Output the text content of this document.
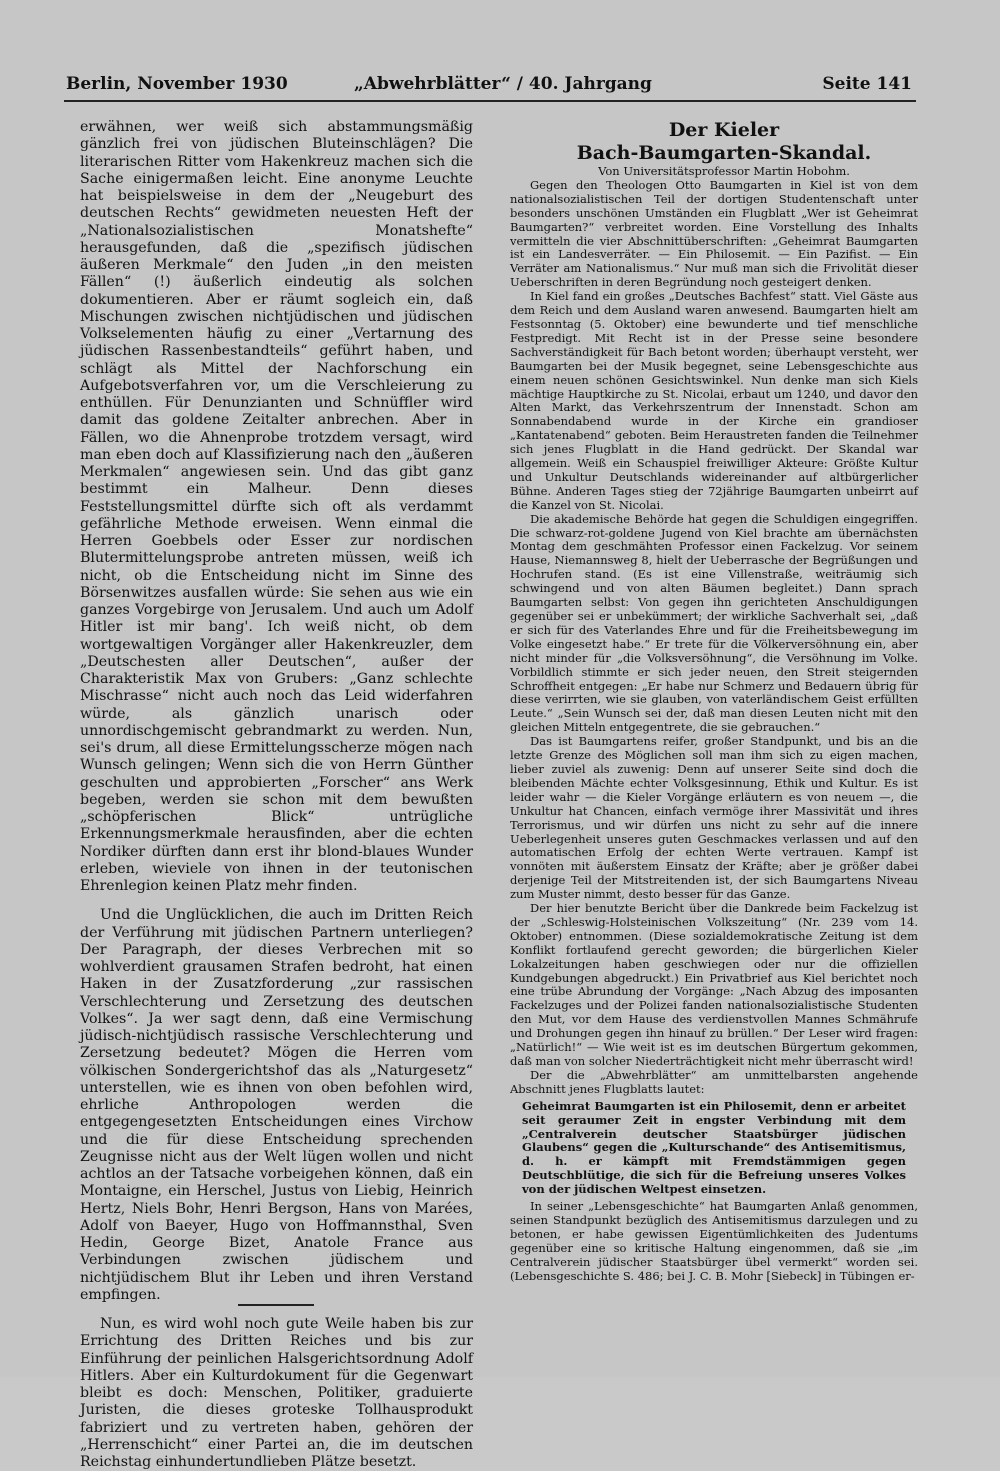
Berlin, November 1930	„Abwehrblätter“ / 40. Jahrgang	Seite 141

erwähnen, wer weiß sich abstammungsmäßig gänzlich frei von jüdischen Bluteinschlägen? Die literarischen Ritter vom Hakenkreuz machen sich die Sache einigermaßen leicht. Eine anonyme Leuchte hat beispielsweise in dem der „Neugeburt des deutschen Rechts“ gewidmeten neuesten Heft der „Nationalsozialistischen Monatshefte“ herausgefunden, daß die „spezifisch jüdischen äußeren Merkmale“ den Juden „in den meisten Fällen“ (!) äußerlich eindeutig als solchen dokumentieren. Aber er räumt sogleich ein, daß Mischungen zwischen nichtjüdischen und jüdischen Volkselementen häufig zu einer „Vertarnung des jüdischen Rassenbestandteils“ geführt haben, und schlägt als Mittel der Nachforschung ein Aufgebotsverfahren vor, um die Verschleierung zu enthüllen. Für Denunzianten und Schnüffler wird damit das goldene Zeitalter anbrechen. Aber in Fällen, wo die Ahnenprobe trotzdem versagt, wird man eben doch auf Klassifizierung nach den „äußeren Merkmalen“ angewiesen sein. Und das gibt ganz bestimmt ein Malheur. Denn dieses Feststellungsmittel dürfte sich oft als verdammt gefährliche Methode erweisen. Wenn einmal die Herren Goebbels oder Esser zur nordischen Blutermittelungsprobe antreten müssen, weiß ich nicht, ob die Entscheidung nicht im Sinne des Börsenwitzes ausfallen würde: Sie sehen aus wie ein ganzes Vorgebirge von Jerusalem. Und auch um Adolf Hitler ist mir bang'. Ich weiß nicht, ob dem wortgewaltigen Vorgänger aller Hakenkreuzler, dem „Deutschesten aller Deutschen“, außer der Charakteristik Max von Grubers: „Ganz schlechte Mischrasse“ nicht auch noch das Leid widerfahren würde, als gänzlich unarisch oder unnordischgemischt gebrandmarkt zu werden. Nun, sei's drum, all diese Ermittelungsscherze mögen nach Wunsch gelingen; Wenn sich die von Herrn Günther geschulten und approbierten „Forscher“ ans Werk begeben, werden sie schon mit dem bewußten „schöpferischen Blick“ untrügliche Erkennungsmerkmale herausfinden, aber die echten Nordiker dürften dann erst ihr blond-blaues Wunder erleben, wieviele von ihnen in der teutonischen Ehrenlegion keinen Platz mehr finden.

Und die Unglücklichen, die auch im Dritten Reich der Verführung mit jüdischen Partnern unterliegen? Der Paragraph, der dieses Verbrechen mit so wohlverdient grausamen Strafen bedroht, hat einen Haken in der Zusatzforderung „zur rassischen Verschlechterung und Zersetzung des deutschen Volkes“. Ja wer sagt denn, daß eine Vermischung jüdisch-nichtjüdisch rassische Verschlechterung und Zersetzung bedeutet? Mögen die Herren vom völkischen Sondergerichtshof das als „Naturgesetz“ unterstellen, wie es ihnen von oben befohlen wird, ehrliche Anthropologen werden die entgegengesetzten Entscheidungen eines Virchow und die für diese Entscheidung sprechenden Zeugnisse nicht aus der Welt lügen wollen und nicht achtlos an der Tatsache vorbeigehen können, daß ein Montaigne, ein Herschel, Justus von Liebig, Heinrich Hertz, Niels Bohr, Henri Bergson, Hans von Marées, Adolf von Baeyer, Hugo von Hoffmannsthal, Sven Hedin, George Bizet, Anatole France aus Verbindungen zwischen jüdischem und nichtjüdischem Blut ihr Leben und ihren Verstand empfingen.

Nun, es wird wohl noch gute Weile haben bis zur Errichtung des Dritten Reiches und bis zur Einführung der peinlichen Halsgerichtsordnung Adolf Hitlers. Aber ein Kulturdokument für die Gegenwart bleibt es doch: Menschen, Politiker, graduierte Juristen, die dieses groteske Tollhausprodukt fabriziert und zu vertreten haben, gehören der „Herrenschicht“ einer Partei an, die im deutschen Reichstag einhundertundlieben Plätze besetzt.

Der Kieler

Bach-Baumgarten-Skandal.

Von Universitätsprofessor Martin Hobohm.

Gegen den Theologen Otto Baumgarten in Kiel ist von dem nationalsozialistischen Teil der dortigen Studentenschaft unter besonders unschönen Umständen ein Flugblatt „Wer ist Geheimrat Baumgarten?“ verbreitet worden. Eine Vorstellung des Inhalts vermitteln die vier Abschnittüberschriften: „Geheimrat Baumgarten ist ein Landesverräter. — Ein Philosemit. — Ein Pazifist. — Ein Verräter am Nationalismus.“ Nur muß man sich die Frivolität dieser Ueberschriften in deren Begründung noch gesteigert denken.

In Kiel fand ein großes „Deutsches Bachfest“ statt. Viel Gäste aus dem Reich und dem Ausland waren anwesend. Baumgarten hielt am Festsonntag (5. Oktober) eine bewunderte und tief menschliche Festpredigt. Mit Recht ist in der Presse seine besondere Sachverständigkeit für Bach betont worden; überhaupt versteht, wer Baumgarten bei der Musik begegnet, seine Lebensgeschichte aus einem neuen schönen Gesichtswinkel. Nun denke man sich Kiels mächtige Hauptkirche zu St. Nicolai, erbaut um 1240, und davor den Alten Markt, das Verkehrszentrum der Innenstadt. Schon am Sonnabendabend wurde in der Kirche ein grandioser „Kantatenabend“ geboten. Beim Heraustreten fanden die Teilnehmer sich jenes Flugblatt in die Hand gedrückt. Der Skandal war allgemein. Weiß ein Schauspiel freiwilliger Akteure: Größte Kultur und Unkultur Deutschlands widereinander auf altbürgerlicher Bühne. Anderen Tages stieg der 72jährige Baumgarten unbeirrt auf die Kanzel von St. Nicolai.

Die akademische Behörde hat gegen die Schuldigen eingegriffen. Die schwarz-rot-goldene Jugend von Kiel brachte am übernächsten Montag dem geschmähten Professor einen Fackelzug. Vor seinem Hause, Niemannsweg 8, hielt der Ueberrasche der Begrüßungen und Hochrufen stand. (Es ist eine Villenstraße, weiträumig sich schwingend und von alten Bäumen begleitet.) Dann sprach Baumgarten selbst: Von gegen ihn gerichteten Anschuldigungen gegenüber sei er unbekümmert; der wirkliche Sachverhalt sei, „daß er sich für des Vaterlandes Ehre und für die Freiheitsbewegung im Volke eingesetzt habe.“ Er trete für die Völkerversöhnung ein, aber nicht minder für „die Volksversöhnung“, die Versöhnung im Volke. Vorbildlich stimmte er sich jeder neuen, den Streit steigernden Schroffheit entgegen: „Er habe nur Schmerz und Bedauern übrig für diese verirrten, wie sie glauben, von vaterländischem Geist erfüllten Leute.“ „Sein Wunsch sei der, daß man diesen Leuten nicht mit den gleichen Mitteln entgegentrete, die sie gebrauchen.“

Das ist Baumgartens reifer, großer Standpunkt, und bis an die letzte Grenze des Möglichen soll man ihm sich zu eigen machen, lieber zuviel als zuwenig: Denn auf unserer Seite sind doch die bleibenden Mächte echter Volksgesinnung, Ethik und Kultur. Es ist leider wahr — die Kieler Vorgänge erläutern es von neuem —, die Unkultur hat Chancen, einfach vermöge ihrer Massivität und ihres Terrorismus, und wir dürfen uns nicht zu sehr auf die innere Ueberlegenheit unseres guten Geschmackes verlassen und auf den automatischen Erfolg der echten Werte vertrauen. Kampf ist vonnöten mit äußerstem Einsatz der Kräfte; aber je größer dabei derjenige Teil der Mitstreitenden ist, der sich Baumgartens Niveau zum Muster nimmt, desto besser für das Ganze.

Der hier benutzte Bericht über die Dankrede beim Fackelzug ist der „Schleswig-Holsteinischen Volkszeitung“ (Nr. 239 vom 14. Oktober) entnommen. (Diese sozialdemokratische Zeitung ist dem Konflikt fortlaufend gerecht geworden; die bürgerlichen Kieler Lokalzeitungen haben geschwiegen oder nur die offiziellen Kundgebungen abgedruckt.) Ein Privatbrief aus Kiel berichtet noch eine trübe Abrundung der Vorgänge: „Nach Abzug des imposanten Fackelzuges und der Polizei fanden nationalsozialistische Studenten den Mut, vor dem Hause des verdienstvollen Mannes Schmährufe und Drohungen gegen ihn hinauf zu brüllen.“ Der Leser wird fragen: „Natürlich!“ — Wie weit ist es im deutschen Bürgertum gekommen, daß man von solcher Niederträchtigkeit nicht mehr überrascht wird!

Der die „Abwehrblätter“ am unmittelbarsten angehende Abschnitt jenes Flugblatts lautet:

Geheimrat Baumgarten ist ein Philosemit, denn er arbeitet seit geraumer Zeit in engster Verbindung mit dem „Centralverein deutscher Staatsbürger jüdischen Glaubens“ gegen die „Kulturschande“ des Antisemitismus, d. h. er kämpft mit Fremdstämmigen gegen Deutschblütige, die sich für die Befreiung unseres Volkes von der jüdischen Weltpest einsetzen.

In seiner „Lebensgeschichte“ hat Baumgarten Anlaß genommen, seinen Standpunkt bezüglich des Antisemitismus darzulegen und zu betonen, er habe gewissen Eigentümlichkeiten des Judentums gegenüber eine so kritische Haltung eingenommen, daß sie „im Centralverein jüdischer Staatsbürger übel vermerkt“ worden sei. (Lebensgeschichte S. 486; bei J. C. B. Mohr [Siebeck] in Tübingen er-
